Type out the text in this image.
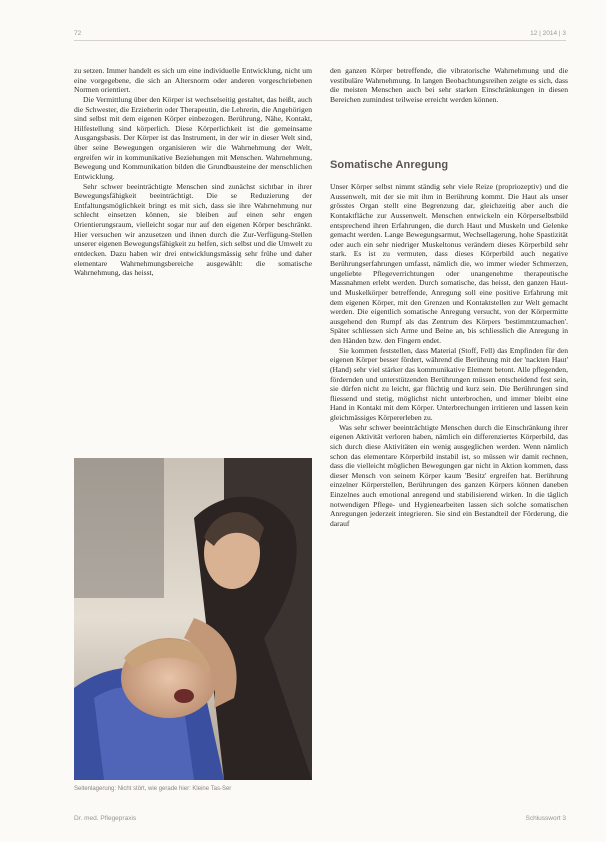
72	12 | 2014 | 3

zu setzen. Immer handelt es sich um eine individuelle Entwicklung, nicht um eine vorgegebene, die sich an Altersnorm oder anderen vorgeschriebenen Normen orientiert.

Die Vermittlung über den Körper ist wechselseitig gestaltet, das heißt, auch die Schwester, die Erzieherin oder Therapeutin, die Lehrerin, die Angehörigen sind selbst mit dem eigenen Körper einbezogen. Berührung, Nähe, Kontakt, Hilfestellung sind körperlich. Diese Körperlichkeit ist die gemeinsame Ausgangsbasis. Der Körper ist das Instrument, in der wir in dieser Welt sind, über seine Bewegungen organisieren wir die Wahrnehmung der Welt, ergreifen wir in kommunikative Beziehungen mit Menschen. Wahrnehmung, Bewegung und Kommunikation bilden die Grundbausteine der menschlichen Entwicklung.

Sehr schwer beeinträchtigte Menschen sind zunächst sichtbar in ihrer Bewegungsfähigkeit beeinträchtigt. Die se Reduzierung der Entfaltungsmöglichkeit bringt es mit sich, dass sie ihre Wahrnehmung nur schlecht einsetzen können, sie bleiben auf einen sehr engen Orientierungsraum, vielleicht sogar nur auf den eigenen Körper beschränkt. Hier versuchen wir anzusetzen und ihnen durch die Zur-Verfügung-Stellen unserer eigenen Bewegungsfähigkeit zu helfen, sich selbst und die Umwelt zu entdecken. Dazu haben wir drei entwicklungsmässig sehr frühe und daher elementare Wahrnehmungsbereiche ausgewählt: die somatische Wahrnehmung, das heisst,

den ganzen Körper betreffende, die vibratorische Wahrnehmung und die vestibuläre Wahrnehmung. In langen Beobachtungsreihen zeigte es sich, dass die meisten Menschen auch bei sehr starken Einschränkungen in diesen Bereichen zumindest teilweise erreicht werden können.

Somatische Anregung

Unser Körper selbst nimmt ständig sehr viele Reize (propriozeptiv) und die Aussenwelt, mit der sie mit ihm in Berührung kommt. Die Haut als unser grösstes Organ stellt eine Begrenzung dar, gleichzeitig aber auch die Kontaktfläche zur Aussenwelt. Menschen entwickeln ein Körperselbstbild entsprechend ihren Erfahrungen, die durch Haut und Muskeln und Gelenke gemacht werden. Lange Bewegungsarmut, Wechsellagerung, hohe Spastizität oder auch ein sehr niedriger Muskeltonus verändern dieses Körperbild sehr stark. Es ist zu vermuten, dass dieses Körperbild auch negative Berührungserfahrungen umfasst, nämlich die, wo immer wieder Schmerzen, ungeliebte Pflegeverrichtungen oder unangenehme therapeutische Massnahmen erlebt werden. Durch somatische, das heisst, den ganzen Haut- und Muskelkörper betreffende, Anregung soll eine positive Erfahrung mit dem eigenen Körper, mit den Grenzen und Kontaktstellen zur Welt gemacht werden. Die eigentlich somatische Anregung versucht, von der Körpermitte ausgehend den Rumpf als das Zentrum des Körpers 'bestimmtzumachen'. Später schliessen sich Arme und Beine an, bis schliesslich die Anregung in den Händen bzw. den Fingern endet.

Sie kommen feststellen, dass Material (Stoff, Fell) das Empfinden für den eigenen Körper besser fördert, während die Berührung mit der 'nackten Haut' (Hand) sehr viel stärker das kommunikative Element betont. Alle pflegenden, fördernden und unterstützenden Berührungen müssen entscheidend fest sein, sie dürfen nicht zu leicht, gar flüchtig und kurz sein. Die Berührungen sind fliessend und stetig, möglichst nicht unterbrochen, und immer bleibt eine Hand in Kontakt mit dem Körper. Unterbrechungen irritieren und lassen kein gleichmässiges Körpererleben zu.

Was sehr schwer beeinträchtigte Menschen durch die Einschränkung ihrer eigenen Aktivität verloren haben, nämlich ein differenziertes Körperbild, das sich durch diese Aktivitäten ein wenig ausgeglichen werden. Wenn nämlich schon das elementare Körperbild instabil ist, so müssen wir damit rechnen, dass die vielleicht möglichen Bewegungen gar nicht in Aktion kommen, dass dieser Mensch von seinem Körper kaum 'Besitz' ergreifen hat. Berührung einzelner Körperstellen, Berührungen des ganzen Körpers können daneben Einzelnes auch emotional anregend und stabilisierend wirken. In die täglich notwendigen Pflege- und Hygienearbeiten lassen sich solche somatischen Anregungen jederzeit integrieren. Sie sind ein Bestandteil der Förderung, die darauf

Seitenlagerung: Nicht stört, wie gerade hier: Kleine Tas-Ser
Dr. med. Pflegepraxis	Schlusswort 3
